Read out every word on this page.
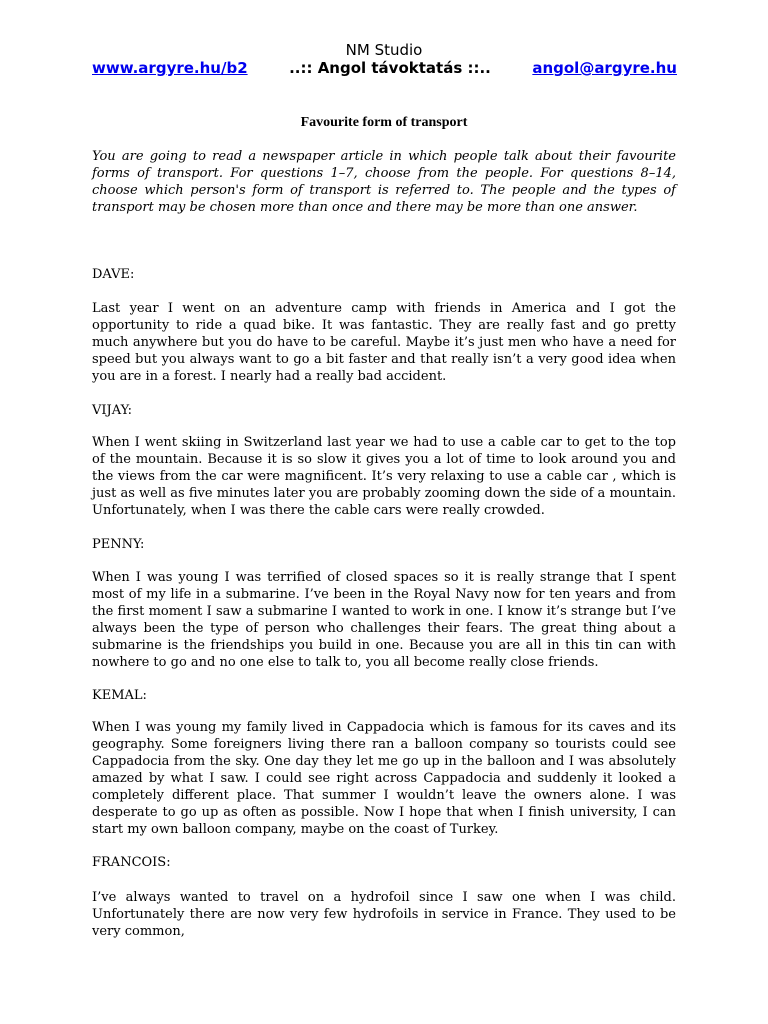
NM Studio
www.argyre.hu/b2	..:: Angol távoktatás ::..	angol@argyre.hu
Favourite form of transport
You are going to read a newspaper article in which people talk about their favourite forms of transport. For questions 1–7, choose from the people. For questions 8–14, choose which person's form of transport is referred to. The people and the types of transport may be chosen more than once and there may be more than one answer.
DAVE:
Last year I went on an adventure camp with friends in America and I got the opportunity to ride a quad bike. It was fantastic. They are really fast and go pretty much anywhere but you do have to be careful. Maybe it’s just men who have a need for speed but you always want to go a bit faster and that really isn’t a very good idea when you are in a forest. I nearly had a really bad accident.
VIJAY:
When I went skiing in Switzerland last year we had to use a cable car to get to the top of the mountain. Because it is so slow it gives you a lot of time to look around you and the views from the car were magnificent. It’s very relaxing to use a cable car , which is just as well as five minutes later you are probably zooming down the side of a mountain. Unfortunately, when I was there the cable cars were really crowded.
PENNY:
When I was young I was terrified of closed spaces so it is really strange that I spent most of my life in a submarine. I’ve been in the Royal Navy now for ten years and from the first moment I saw a submarine I wanted to work in one. I know it’s strange but I’ve always been the type of person who challenges their fears. The great thing about a submarine is the friendships you build in one. Because you are all in this tin can with nowhere to go and no one else to talk to, you all become really close friends.
KEMAL:
When I was young my family lived in Cappadocia which is famous for its caves and its geography. Some foreigners living there ran a balloon company so tourists could see Cappadocia from the sky. One day they let me go up in the balloon and I was absolutely amazed by what I saw. I could see right across Cappadocia and suddenly it looked a completely different place. That summer I wouldn’t leave the owners alone. I was desperate to go up as often as possible. Now I hope that when I finish university, I can start my own balloon company, maybe on the coast of Turkey.
FRANCOIS:
I’ve always wanted to travel on a hydrofoil since I saw one when I was child. Unfortunately there are now very few hydrofoils in service in France. They used to be very common,
